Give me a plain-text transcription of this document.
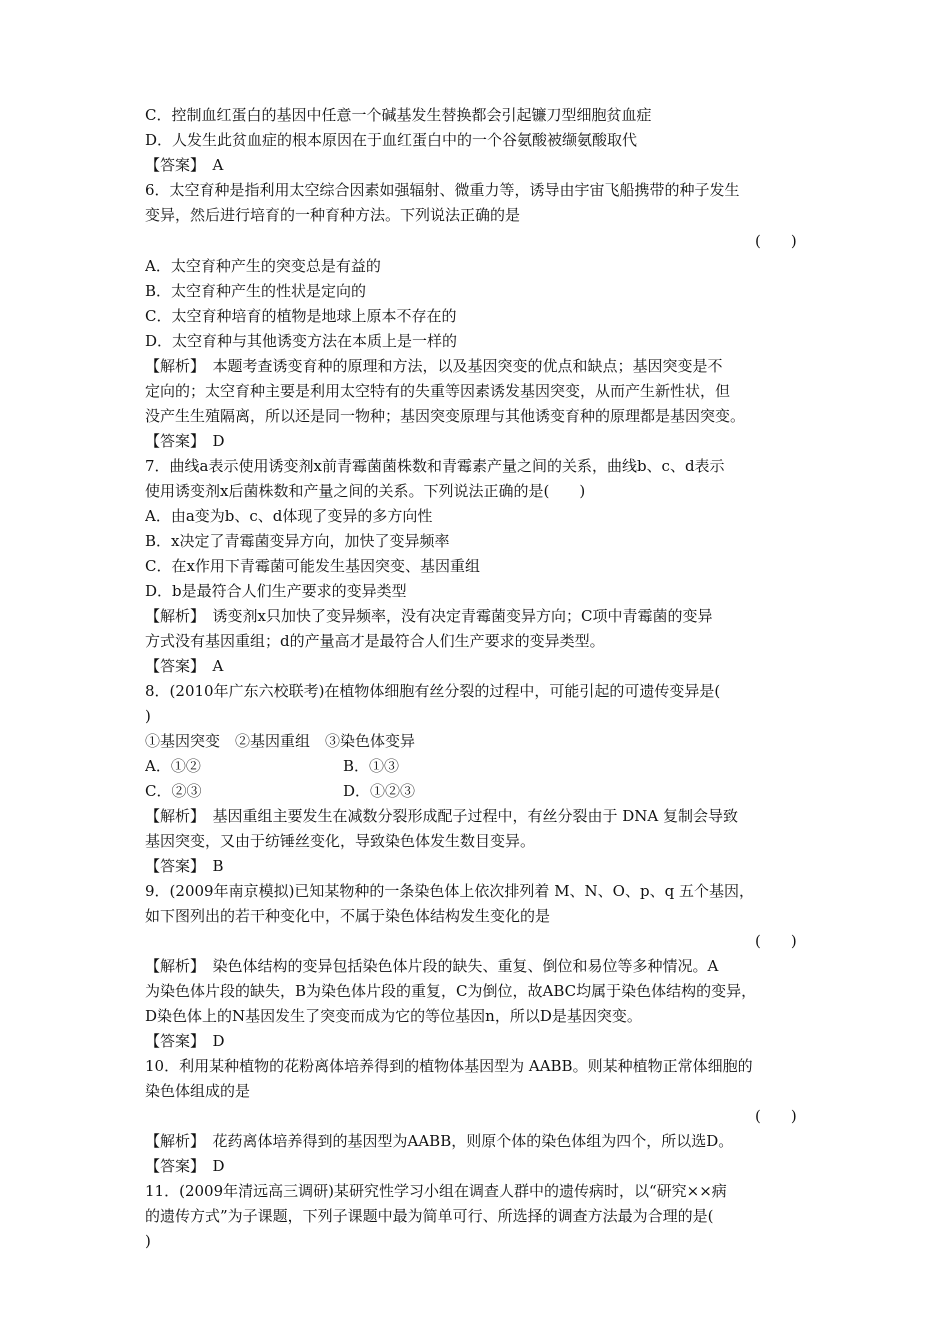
C．控制血红蛋白的基因中任意一个碱基发生替换都会引起镰刀型细胞贫血症
D．人发生此贫血症的根本原因在于血红蛋白中的一个谷氨酸被缬氨酸取代
【答案】　A
6．太空育种是指利用太空综合因素如强辐射、微重力等，诱导由宇宙飞船携带的种子发生
变异，然后进行培育的一种育种方法。下列说法正确的是
(　　)
A．太空育种产生的突变总是有益的
B．太空育种产生的性状是定向的
C．太空育种培育的植物是地球上原本不存在的
D．太空育种与其他诱变方法在本质上是一样的
【解析】　本题考查诱变育种的原理和方法，以及基因突变的优点和缺点；基因突变是不
定向的；太空育种主要是利用太空特有的失重等因素诱发基因突变，从而产生新性状，但
没产生生殖隔离，所以还是同一物种；基因突变原理与其他诱变育种的原理都是基因突变。
【答案】　D
7．曲线a表示使用诱变剂x前青霉菌菌株数和青霉素产量之间的关系，曲线b、c、d表示
使用诱变剂x后菌株数和产量之间的关系。下列说法正确的是(　　)
A．由a变为b、c、d体现了变异的多方向性
B．x决定了青霉菌变异方向，加快了变异频率
C．在x作用下青霉菌可能发生基因突变、基因重组
D．b是最符合人们生产要求的变异类型
【解析】　诱变剂x只加快了变异频率，没有决定青霉菌变异方向；C项中青霉菌的变异
方式没有基因重组；d的产量高才是最符合人们生产要求的变异类型。
【答案】　A
8．(2010年广东六校联考)在植物体细胞有丝分裂的过程中，可能引起的可遗传变异是(
)
①基因突变　②基因重组　③染色体变异
A．①②	B．①③
C．②③	D．①②③
【解析】　基因重组主要发生在减数分裂形成配子过程中，有丝分裂由于 DNA 复制会导致
基因突变，又由于纺锤丝变化，导致染色体发生数目变异。
【答案】　B
9．(2009年南京模拟)已知某物种的一条染色体上依次排列着 M、N、O、p、q 五个基因，
如下图列出的若干种变化中，不属于染色体结构发生变化的是
(　　)
【解析】　染色体结构的变异包括染色体片段的缺失、重复、倒位和易位等多种情况。A
为染色体片段的缺失，B为染色体片段的重复，C为倒位，故ABC均属于染色体结构的变异，
D染色体上的N基因发生了突变而成为它的等位基因n，所以D是基因突变。
【答案】　D
10．利用某种植物的花粉离体培养得到的植物体基因型为 AABB。则某种植物正常体细胞的
染色体组成的是
(　　)
【解析】　花药离体培养得到的基因型为AABB，则原个体的染色体组为四个，所以选D。
【答案】　D
11．(2009年清远高三调研)某研究性学习小组在调查人群中的遗传病时，以“研究××病
的遗传方式”为子课题，下列子课题中最为简单可行、所选择的调查方法最为合理的是(
)
